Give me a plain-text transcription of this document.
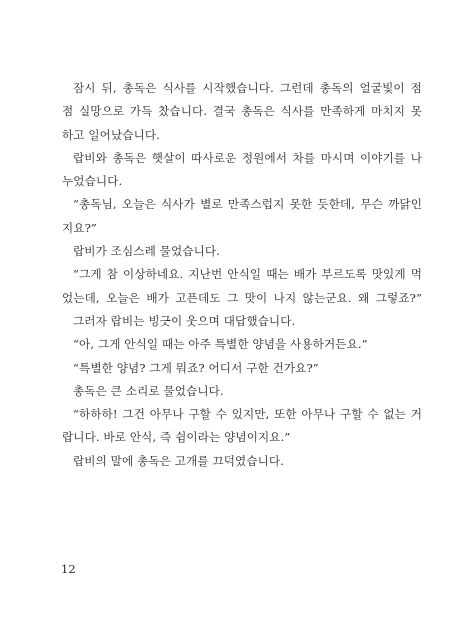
잠시 뒤, 총독은 식사를 시작했습니다. 그런데 총독의 얼굴빛이 점
점 실망으로 가득 찼습니다. 결국 총독은 식사를 만족하게 마치지 못
하고 일어났습니다.
랍비와 총독은 햇살이 따사로운 정원에서 차를 마시며 이야기를 나
누었습니다.
“총독님, 오늘은 식사가 별로 만족스럽지 못한 듯한데, 무슨 까닭인
지요?”
랍비가 조심스레 물었습니다.
“그게 참 이상하네요. 지난번 안식일 때는 배가 부르도록 맛있게 먹
었는데, 오늘은 배가 고픈데도 그 맛이 나지 않는군요. 왜 그렇죠?”
그러자 랍비는 빙긋이 웃으며 대답했습니다.
“아, 그게 안식일 때는 아주 특별한 양념을 사용하거든요.”
“특별한 양념? 그게 뭐죠? 어디서 구한 건가요?”
총독은 큰 소리로 물었습니다.
“하하하! 그건 아무나 구할 수 있지만, 또한 아무나 구할 수 없는 거
랍니다. 바로 안식, 즉 쉼이라는 양념이지요.”
랍비의 말에 총독은 고개를 끄덕였습니다.
12
